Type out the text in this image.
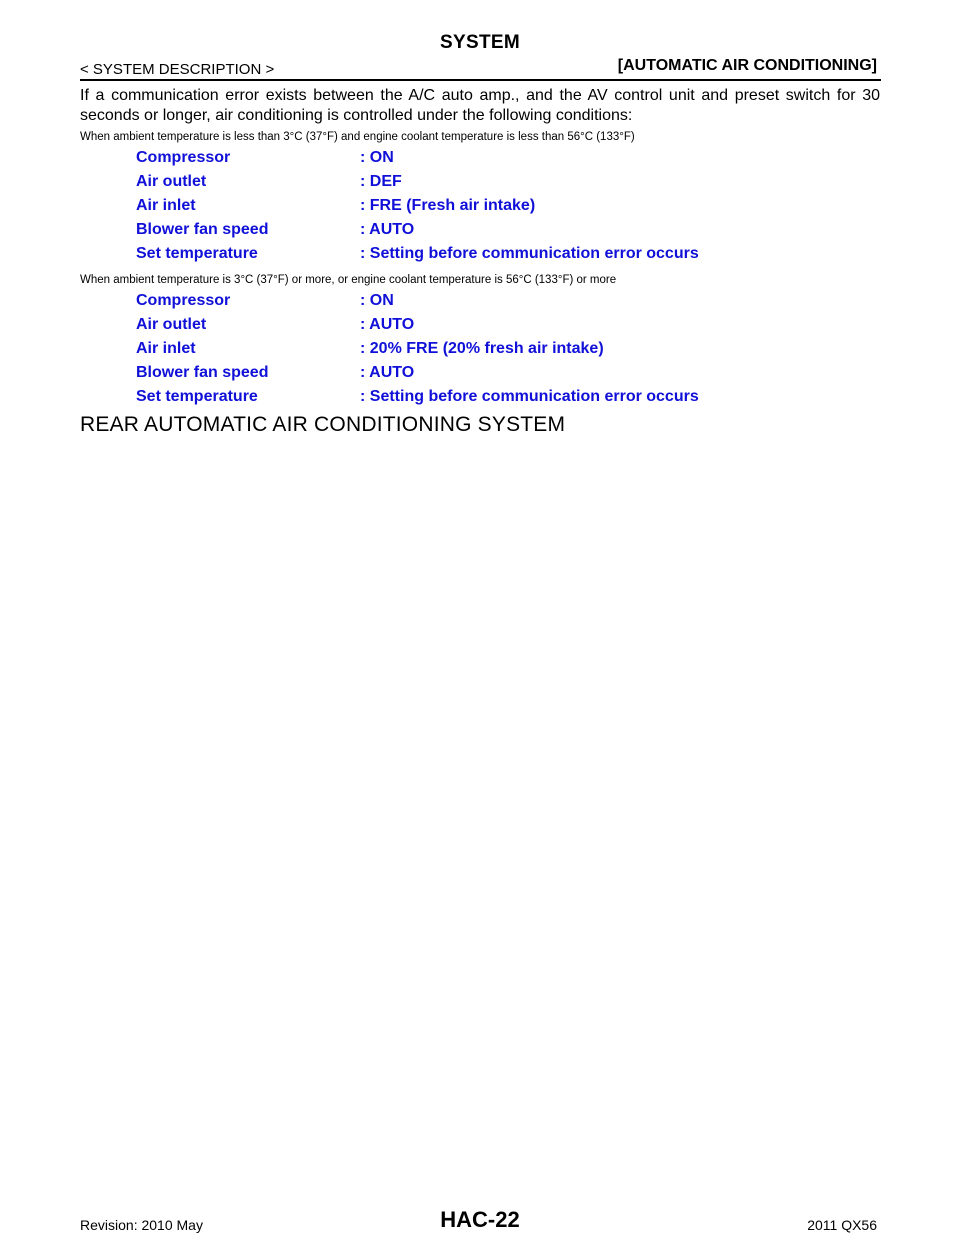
SYSTEM
< SYSTEM DESCRIPTION >	[AUTOMATIC AIR CONDITIONING]
If a communication error exists between the A/C auto amp., and the AV control unit and preset switch for 30
seconds or longer, air conditioning is controlled under the following conditions:
When ambient temperature is less than 3°C (37°F) and engine coolant temperature is less than 56°C (133°F)
Compressor	: ON
Air outlet	: DEF
Air inlet	: FRE (Fresh air intake)
Blower fan speed	: AUTO
Set temperature	: Setting before communication error occurs
When ambient temperature is 3°C (37°F) or more, or engine coolant temperature is 56°C (133°F) or more
Compressor	: ON
Air outlet	: AUTO
Air inlet	: 20% FRE (20% fresh air intake)
Blower fan speed	: AUTO
Set temperature	: Setting before communication error occurs
REAR AUTOMATIC AIR CONDITIONING SYSTEM
Revision: 2010 May	HAC-22	2011 QX56
